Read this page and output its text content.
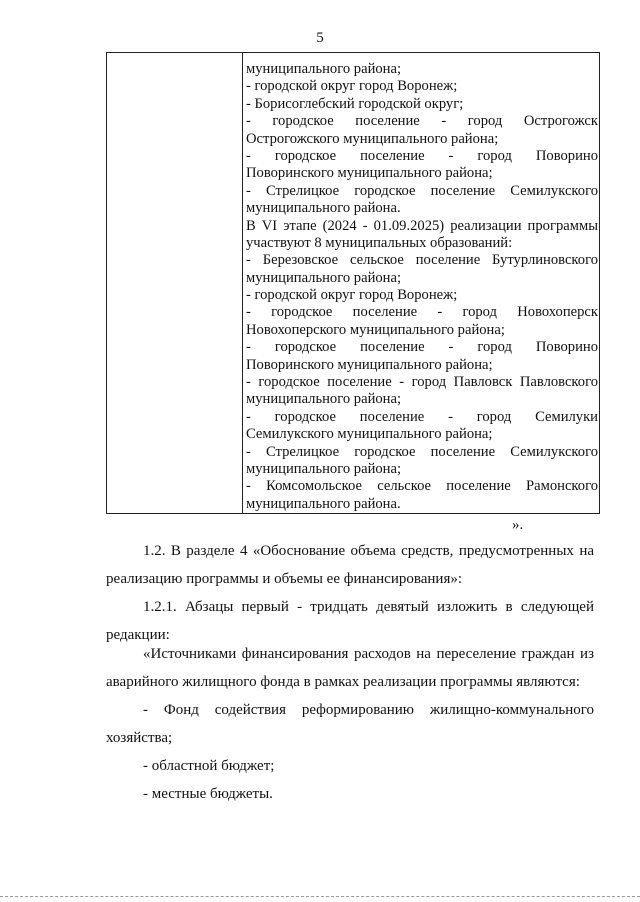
5
муниципального района;
- городской округ город Воронеж;
- Борисоглебский городской округ;
- городское поселение - город Острогожск
Острогожского муниципального района;
- городское поселение - город Поворино
Поворинского муниципального района;
- Стрелицкое городское поселение Семилукского
муниципального района.
В VI этапе (2024 - 01.09.2025) реализации программы
участвуют 8 муниципальных образований:
- Березовское сельское поселение Бутурлиновского
муниципального района;
- городской округ город Воронеж;
- городское поселение - город Новохоперск
Новохоперского муниципального района;
- городское поселение - город Поворино
Поворинского муниципального района;
- городское поселение - город Павловск Павловского
муниципального района;
- городское поселение - город Семилуки
Семилукского муниципального района;
- Стрелицкое городское поселение Семилукского
муниципального района;
- Комсомольское сельское поселение Рамонского
муниципального района.
».
1.2. В разделе 4 «Обоснование объема средств, предусмотренных на
реализацию программы и объемы ее финансирования»:
1.2.1. Абзацы первый - тридцать девятый изложить в следующей
редакции:
«Источниками финансирования расходов на переселение граждан из
аварийного жилищного фонда в рамках реализации программы являются:
- Фонд содействия реформированию жилищно-коммунального
хозяйства;
- областной бюджет;
- местные бюджеты.
